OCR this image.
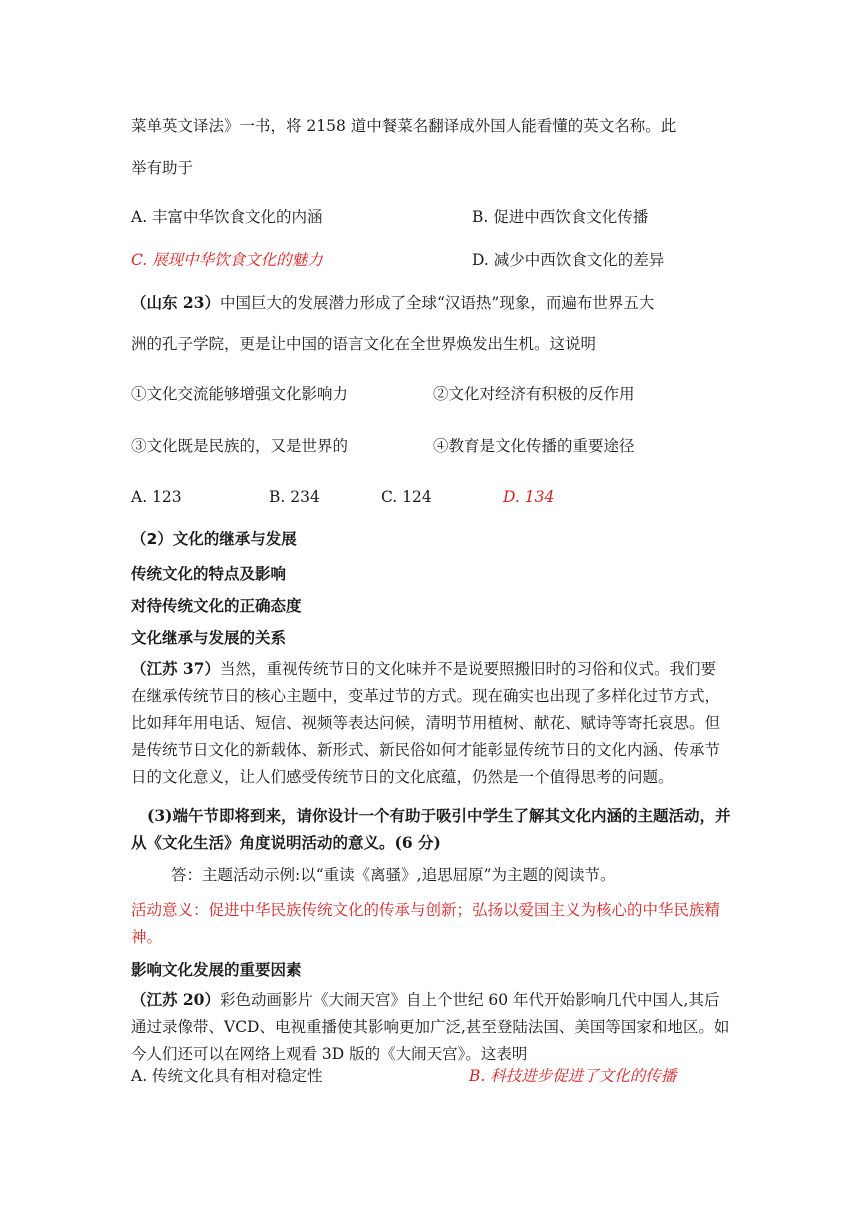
菜单英文译法》一书，将 2158 道中餐菜名翻译成外国人能看懂的英文名称。此
举有助于
A. 丰富中华饮食文化的内涵	B. 促进中西饮食文化传播
C. 展现中华饮食文化的魅力	D. 减少中西饮食文化的差异
（山东 23）中国巨大的发展潜力形成了全球“汉语热”现象，而遍布世界五大
洲的孔子学院，更是让中国的语言文化在全世界焕发出生机。这说明
①文化交流能够增强文化影响力	②文化对经济有积极的反作用
③文化既是民族的，又是世界的	④教育是文化传播的重要途径
A. 123	B. 234	C. 124	D. 134
（2）文化的继承与发展
传统文化的特点及影响
对待传统文化的正确态度
文化继承与发展的关系
（江苏 37）当然，重视传统节日的文化味并不是说要照搬旧时的习俗和仪式。我们要在继承传统节日的核心主题中，变革过节的方式。现在确实也出现了多样化过节方式，比如拜年用电话、短信、视频等表达问候，清明节用植树、献花、赋诗等寄托哀思。但是传统节日文化的新载体、新形式、新民俗如何才能彰显传统节日的文化内涵、传承节日的文化意义，让人们感受传统节日的文化底蕴，仍然是一个值得思考的问题。
(3)端午节即将到来，请你设计一个有助于吸引中学生了解其文化内涵的主题活动，并从《文化生活》角度说明活动的意义。(6 分)
答：主题活动示例:以“重读《离骚》,追思屈原”为主题的阅读节。
活动意义：促进中华民族传统文化的传承与创新；弘扬以爱国主义为核心的中华民族精神。
影响文化发展的重要因素
（江苏 20）彩色动画影片《大闹天宫》自上个世纪 60 年代开始影响几代中国人,其后通过录像带、VCD、电视重播使其影响更加广泛,甚至登陆法国、美国等国家和地区。如今人们还可以在网络上观看 3D 版的《大闹天宫》。这表明
A. 传统文化具有相对稳定性	B. 科技进步促进了文化的传播
